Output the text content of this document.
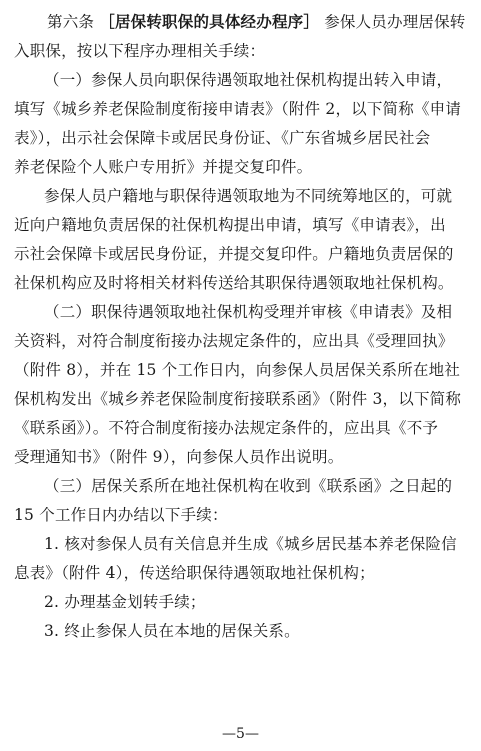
第六条 ［居保转职保的具体经办程序］ 参保人员办理居保转
入职保，按以下程序办理相关手续：
（一）参保人员向职保待遇领取地社保机构提出转入申请，
填写《城乡养老保险制度衔接申请表》（附件 2，以下简称《申请
表》），出示社会保障卡或居民身份证、《广东省城乡居民社会
养老保险个人账户专用折》并提交复印件。
参保人员户籍地与职保待遇领取地为不同统筹地区的，可就
近向户籍地负责居保的社保机构提出申请，填写《申请表》，出
示社会保障卡或居民身份证，并提交复印件。户籍地负责居保的
社保机构应及时将相关材料传送给其职保待遇领取地社保机构。
（二）职保待遇领取地社保机构受理并审核《申请表》及相
关资料，对符合制度衔接办法规定条件的，应出具《受理回执》
（附件 8），并在 15 个工作日内，向参保人员居保关系所在地社
保机构发出《城乡养老保险制度衔接联系函》（附件 3，以下简称
《联系函》）。不符合制度衔接办法规定条件的，应出具《不予
受理通知书》（附件 9），向参保人员作出说明。
（三）居保关系所在地社保机构在收到《联系函》之日起的
15 个工作日内办结以下手续：
1. 核对参保人员有关信息并生成《城乡居民基本养老保险信
息表》（附件 4），传送给职保待遇领取地社保机构；
2. 办理基金划转手续；
3. 终止参保人员在本地的居保关系。
—5—
